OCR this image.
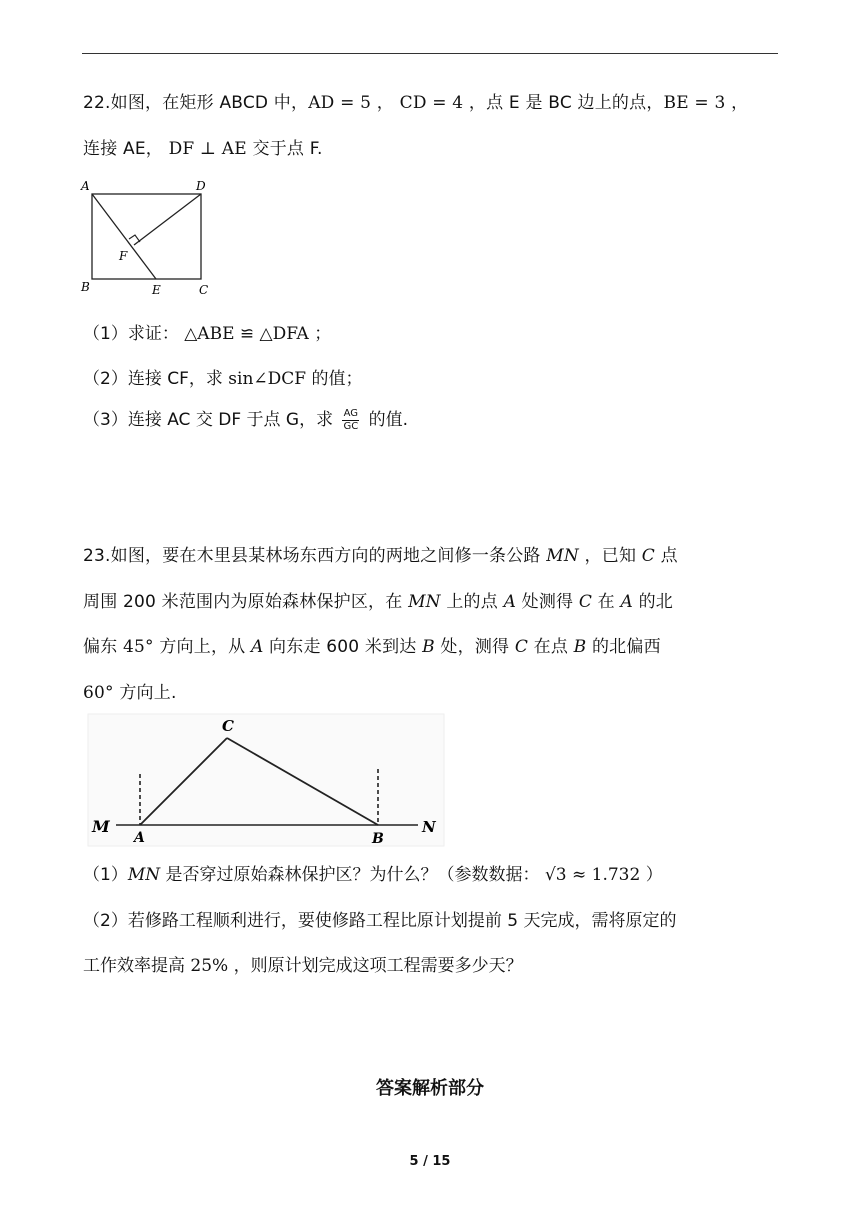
22.如图，在矩形 ABCD 中，AD = 5 ， CD = 4 ，点 E 是 BC 边上的点，BE = 3 ，
连接 AE， DF ⊥ AE 交于点 F.
A	D
F
B	E	C
（1）求证： △ABE ≌ △DFA ；
（2）连接 CF，求 sin∠DCF 的值；
（3）连接 AC 交 DF 于点 G，求 $\frac{AG}{GC}$ 的值.
23.如图，要在木里县某林场东西方向的两地之间修一条公路 MN ，已知 C 点
周围 200 米范围内为原始森林保护区，在 MN 上的点 A 处测得 C 在 A 的北
偏东 45° 方向上，从 A 向东走 600 米到达 B 处，测得 C 在点 B 的北偏西
60° 方向上.
M
A
C
B
N
（1）MN 是否穿过原始森林保护区？为什么？（参数数据： √3 ≈ 1.732 ）
（2）若修路工程顺利进行，要使修路工程比原计划提前 5 天完成，需将原定的
工作效率提高 25% ，则原计划完成这项工程需要多少天？
答案解析部分
5 / 15
